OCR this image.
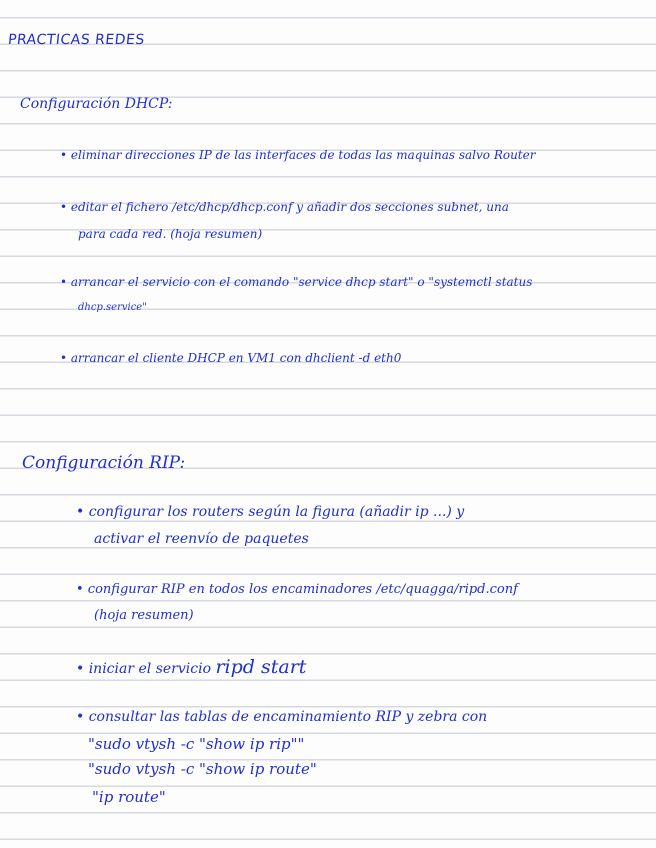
PRACTICAS REDES

Configuración DHCP:

• eliminar direcciones IP de las interfaces de todas las maquinas salvo Router

• editar el fichero /etc/dhcp/dhcp.conf y añadir dos secciones subnet, una

para cada red. (hoja resumen)

• arrancar el servicio con el comando "service dhcp start" o "systemctl status

dhcp.service"

• arrancar el cliente DHCP en VM1 con dhclient -d eth0

Configuración RIP:

• configurar los routers según la figura (añadir ip ...) y

activar el reenvío de paquetes

• configurar RIP en todos los encaminadores /etc/quagga/ripd.conf

(hoja resumen)

• iniciar el servicio ripd start

• consultar las tablas de encaminamiento RIP y zebra con

"sudo vtysh -c "show ip rip""

"sudo vtysh -c "show ip route"

"ip route"
